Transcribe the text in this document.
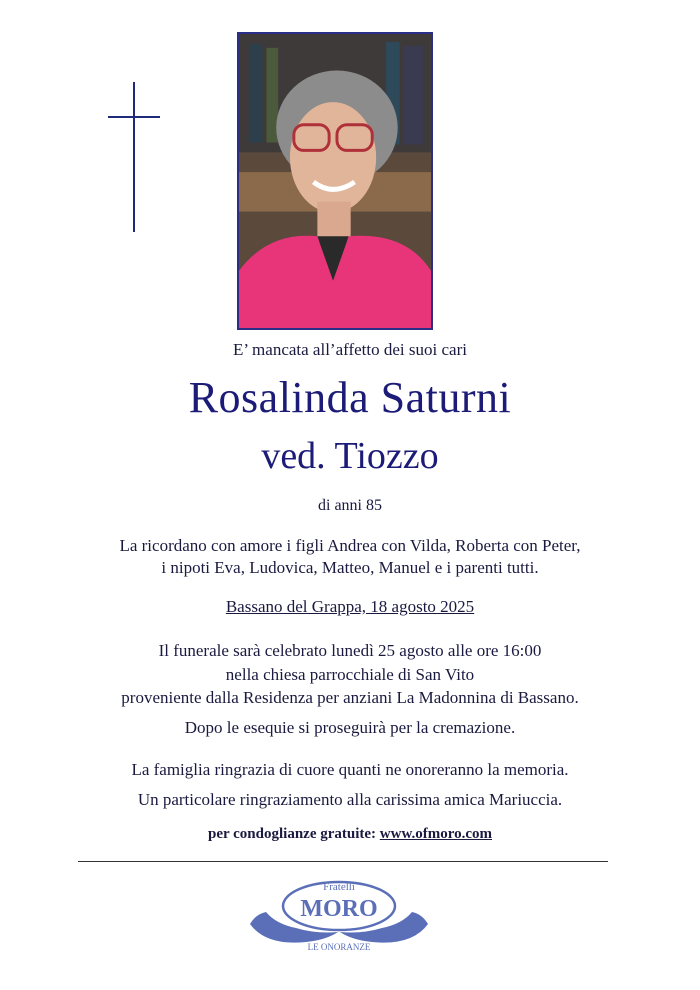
E’ mancata all’affetto dei suoi cari
Rosalinda Saturni
ved. Tiozzo
di anni 85
La ricordano con amore i figli Andrea con Vilda, Roberta con Peter,
i nipoti Eva, Ludovica, Matteo, Manuel e i parenti tutti.
Bassano del Grappa, 18 agosto 2025
Il funerale sarà celebrato lunedì 25 agosto alle ore 16:00
nella chiesa parrocchiale di San Vito
proveniente dalla Residenza per anziani La Madonnina di Bassano.
Dopo le esequie si proseguirà per la cremazione.
La famiglia ringrazia di cuore quanti ne onoreranno la memoria.
Un particolare ringraziamento alla carissima amica Mariuccia.
per condoglianze gratuite: www.ofmoro.com
Fratelli
MORO
LE ONORANZE
